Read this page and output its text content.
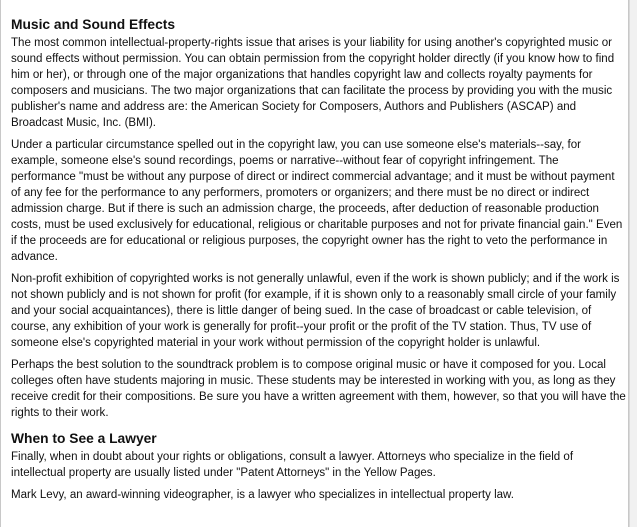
Music and Sound Effects

The most common intellectual-property-rights issue that arises is your liability for using another's copyrighted music or sound effects without permission. You can obtain permission from the copyright holder directly (if you know how to find him or her), or through one of the major organizations that handles copyright law and collects royalty payments for composers and musicians. The two major organizations that can facilitate the process by providing you with the music publisher's name and address are: the American Society for Composers, Authors and Publishers (ASCAP) and Broadcast Music, Inc. (BMI).

Under a particular circumstance spelled out in the copyright law, you can use someone else's materials--say, for example, someone else's sound recordings, poems or narrative--without fear of copyright infringement. The performance "must be without any purpose of direct or indirect commercial advantage; and it must be without payment of any fee for the performance to any performers, promoters or organizers; and there must be no direct or indirect admission charge. But if there is such an admission charge, the proceeds, after deduction of reasonable production costs, must be used exclusively for educational, religious or charitable purposes and not for private financial gain." Even if the proceeds are for educational or religious purposes, the copyright owner has the right to veto the performance in advance.

Non-profit exhibition of copyrighted works is not generally unlawful, even if the work is shown publicly; and if the work is not shown publicly and is not shown for profit (for example, if it is shown only to a reasonably small circle of your family and your social acquaintances), there is little danger of being sued. In the case of broadcast or cable television, of course, any exhibition of your work is generally for profit--your profit or the profit of the TV station. Thus, TV use of someone else's copyrighted material in your work without permission of the copyright holder is unlawful.

Perhaps the best solution to the soundtrack problem is to compose original music or have it composed for you. Local colleges often have students majoring in music. These students may be interested in working with you, as long as they receive credit for their compositions. Be sure you have a written agreement with them, however, so that you will have the rights to their work.

When to See a Lawyer

Finally, when in doubt about your rights or obligations, consult a lawyer. Attorneys who specialize in the field of intellectual property are usually listed under "Patent Attorneys" in the Yellow Pages.

Mark Levy, an award-winning videographer, is a lawyer who specializes in intellectual property law.
